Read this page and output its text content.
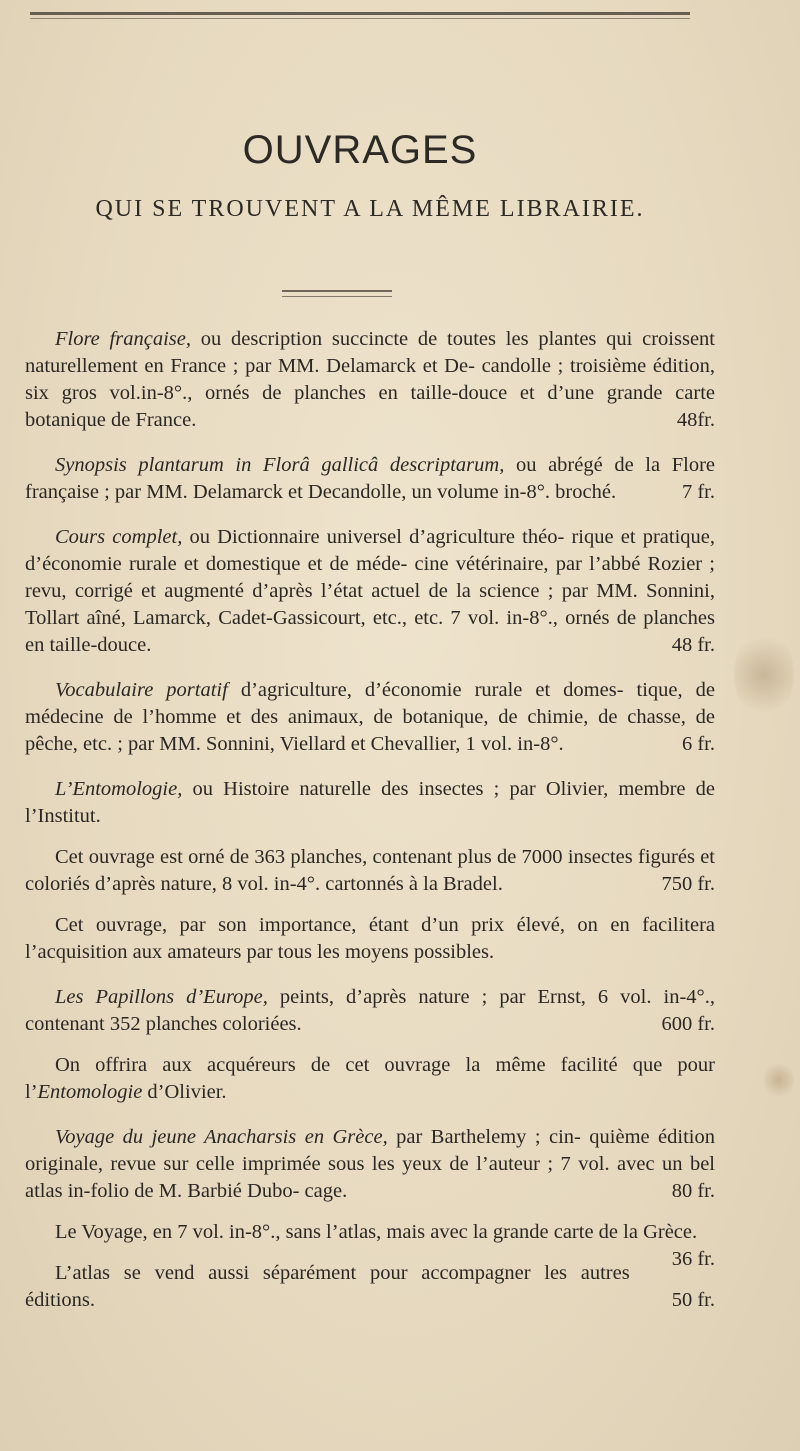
OUVRAGES
QUI SE TROUVENT A LA MÊME LIBRAIRIE.

Flore française, ou description succincte de toutes les plantes qui croissent naturellement en France ; par MM. Delamarck et De- candolle ; troisième édition, six gros vol.in-8°., ornés de planches en taille-douce et d’une grande carte botanique de France.	48fr.

Synopsis plantarum in Florâ gallicâ descriptarum, ou abrégé de la Flore française ; par MM. Delamarck et Decandolle, un volume in-8°. broché.	7 fr.

Cours complet, ou Dictionnaire universel d’agriculture théo- rique et pratique, d’économie rurale et domestique et de méde- cine vétérinaire, par l’abbé Rozier ; revu, corrigé et augmenté d’après l’état actuel de la science ; par MM. Sonnini, Tollart aîné, Lamarck, Cadet-Gassicourt, etc., etc. 7 vol. in-8°., ornés de planches en taille-douce.	48 fr.

Vocabulaire portatif d’agriculture, d’économie rurale et domes- tique, de médecine de l’homme et des animaux, de botanique, de chimie, de chasse, de pêche, etc. ; par MM. Sonnini, Viellard et Chevallier, 1 vol. in-8°.	6 fr.

L’Entomologie, ou Histoire naturelle des insectes ; par Olivier, membre de l’Institut.

Cet ouvrage est orné de 363 planches, contenant plus de 7000 insectes figurés et coloriés d’après nature, 8 vol. in-4°. cartonnés à la Bradel.	750 fr.

Cet ouvrage, par son importance, étant d’un prix élevé, on en facilitera l’acquisition aux amateurs par tous les moyens possibles.

Les Papillons d’Europe, peints, d’après nature ; par Ernst, 6 vol. in-4°., contenant 352 planches coloriées.	600 fr.

On offrira aux acquéreurs de cet ouvrage la même facilité que pour l’Entomologie d’Olivier.

Voyage du jeune Anacharsis en Grèce, par Barthelemy ; cin- quième édition originale, revue sur celle imprimée sous les yeux de l’auteur ; 7 vol. avec un bel atlas in-folio de M. Barbié Dubo- cage.	80 fr.

Le Voyage, en 7 vol. in-8°., sans l’atlas, mais avec la grande carte de la Grèce.
36 fr.

L’atlas se vend aussi séparément pour accompagner les autres éditions.	50 fr.
